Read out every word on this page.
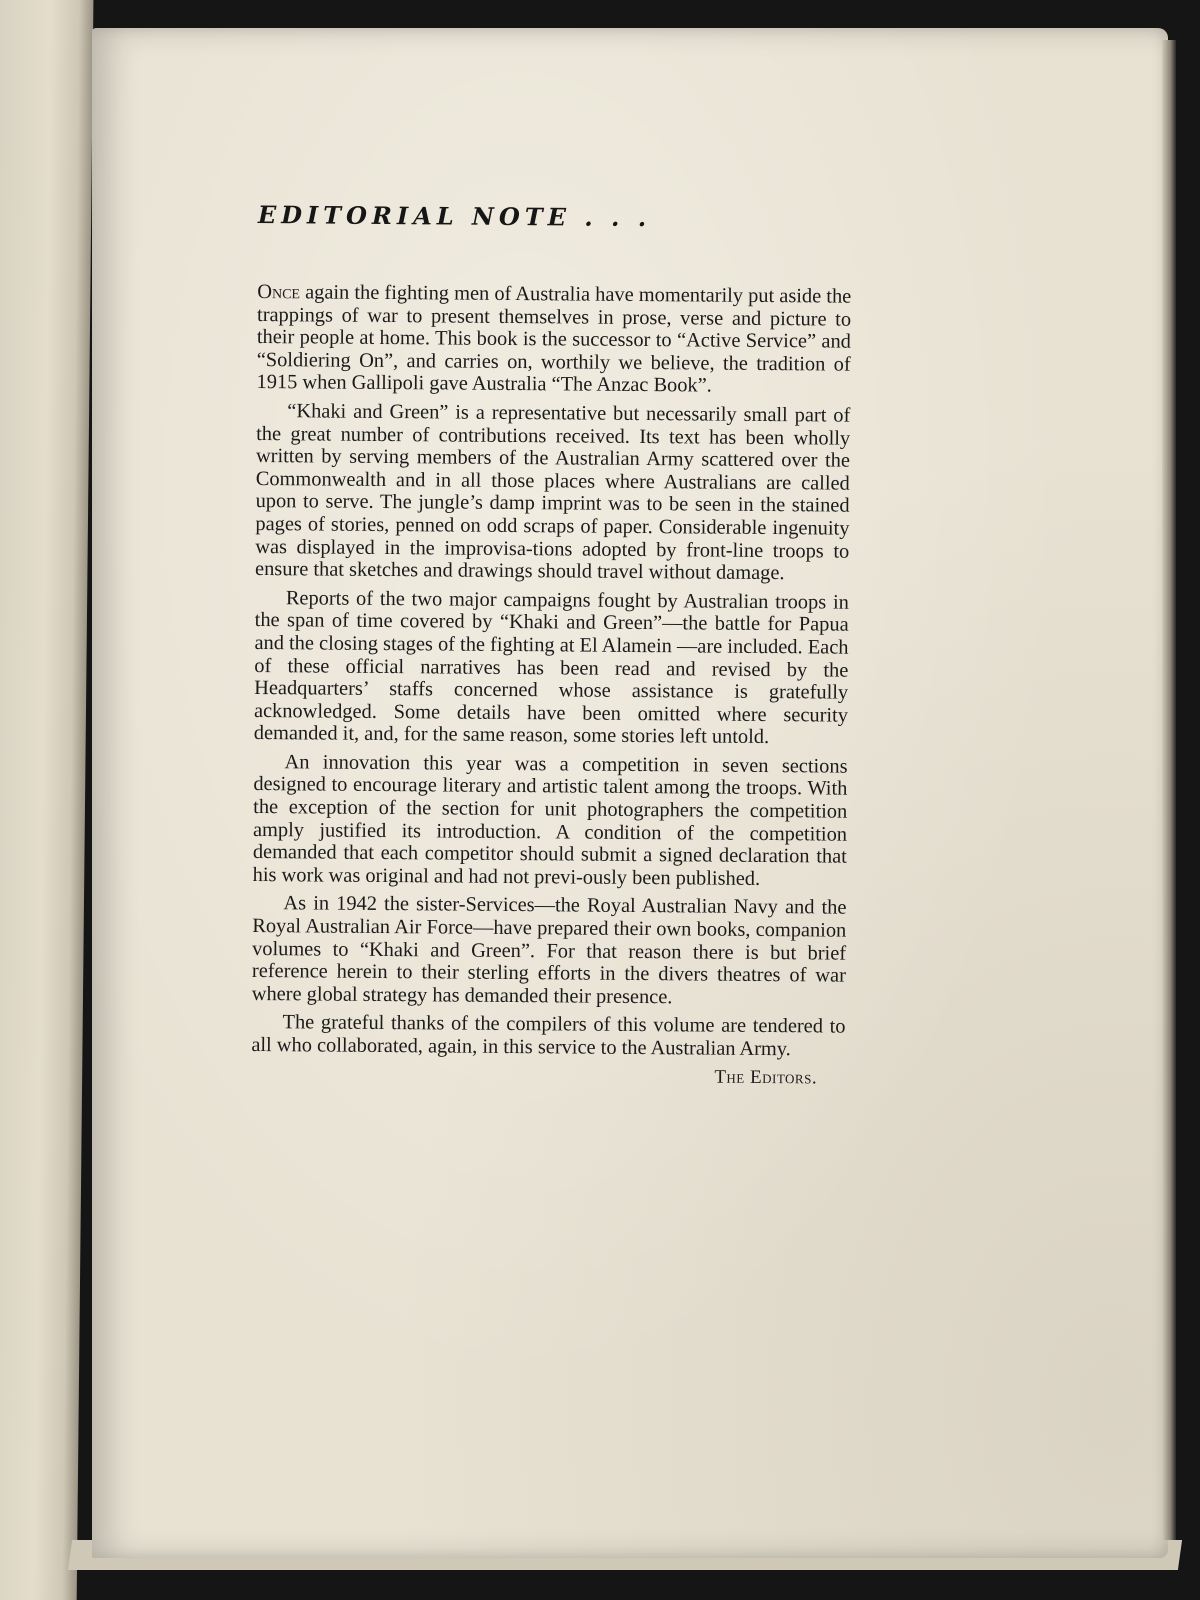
EDITORIAL NOTE . . .

Once again the fighting men of Australia have momentarily put aside the trappings of war to present themselves in prose, verse and picture to their people at home. This book is the successor to “Active Service” and “Soldiering On”, and carries on, worthily we believe, the tradition of 1915 when Gallipoli gave Australia “The Anzac Book”.

“Khaki and Green” is a representative but necessarily small part of the great number of contributions received. Its text has been wholly written by serving members of the Australian Army scattered over the Commonwealth and in all those places where Australians are called upon to serve. The jungle’s damp imprint was to be seen in the stained pages of stories, penned on odd scraps of paper. Considerable ingenuity was displayed in the improvisa-tions adopted by front-line troops to ensure that sketches and drawings should travel without damage.

Reports of the two major campaigns fought by Australian troops in the span of time covered by “Khaki and Green”—the battle for Papua and the closing stages of the fighting at El Alamein —are included. Each of these official narratives has been read and revised by the Headquarters’ staffs concerned whose assistance is gratefully acknowledged. Some details have been omitted where security demanded it, and, for the same reason, some stories left untold.

An innovation this year was a competition in seven sections designed to encourage literary and artistic talent among the troops. With the exception of the section for unit photographers the competition amply justified its introduction. A condition of the competition demanded that each competitor should submit a signed declaration that his work was original and had not previ-ously been published.

As in 1942 the sister-Services—the Royal Australian Navy and the Royal Australian Air Force—have prepared their own books, companion volumes to “Khaki and Green”. For that reason there is but brief reference herein to their sterling efforts in the divers theatres of war where global strategy has demanded their presence.

The grateful thanks of the compilers of this volume are tendered to all who collaborated, again, in this service to the Australian Army.

The Editors.
